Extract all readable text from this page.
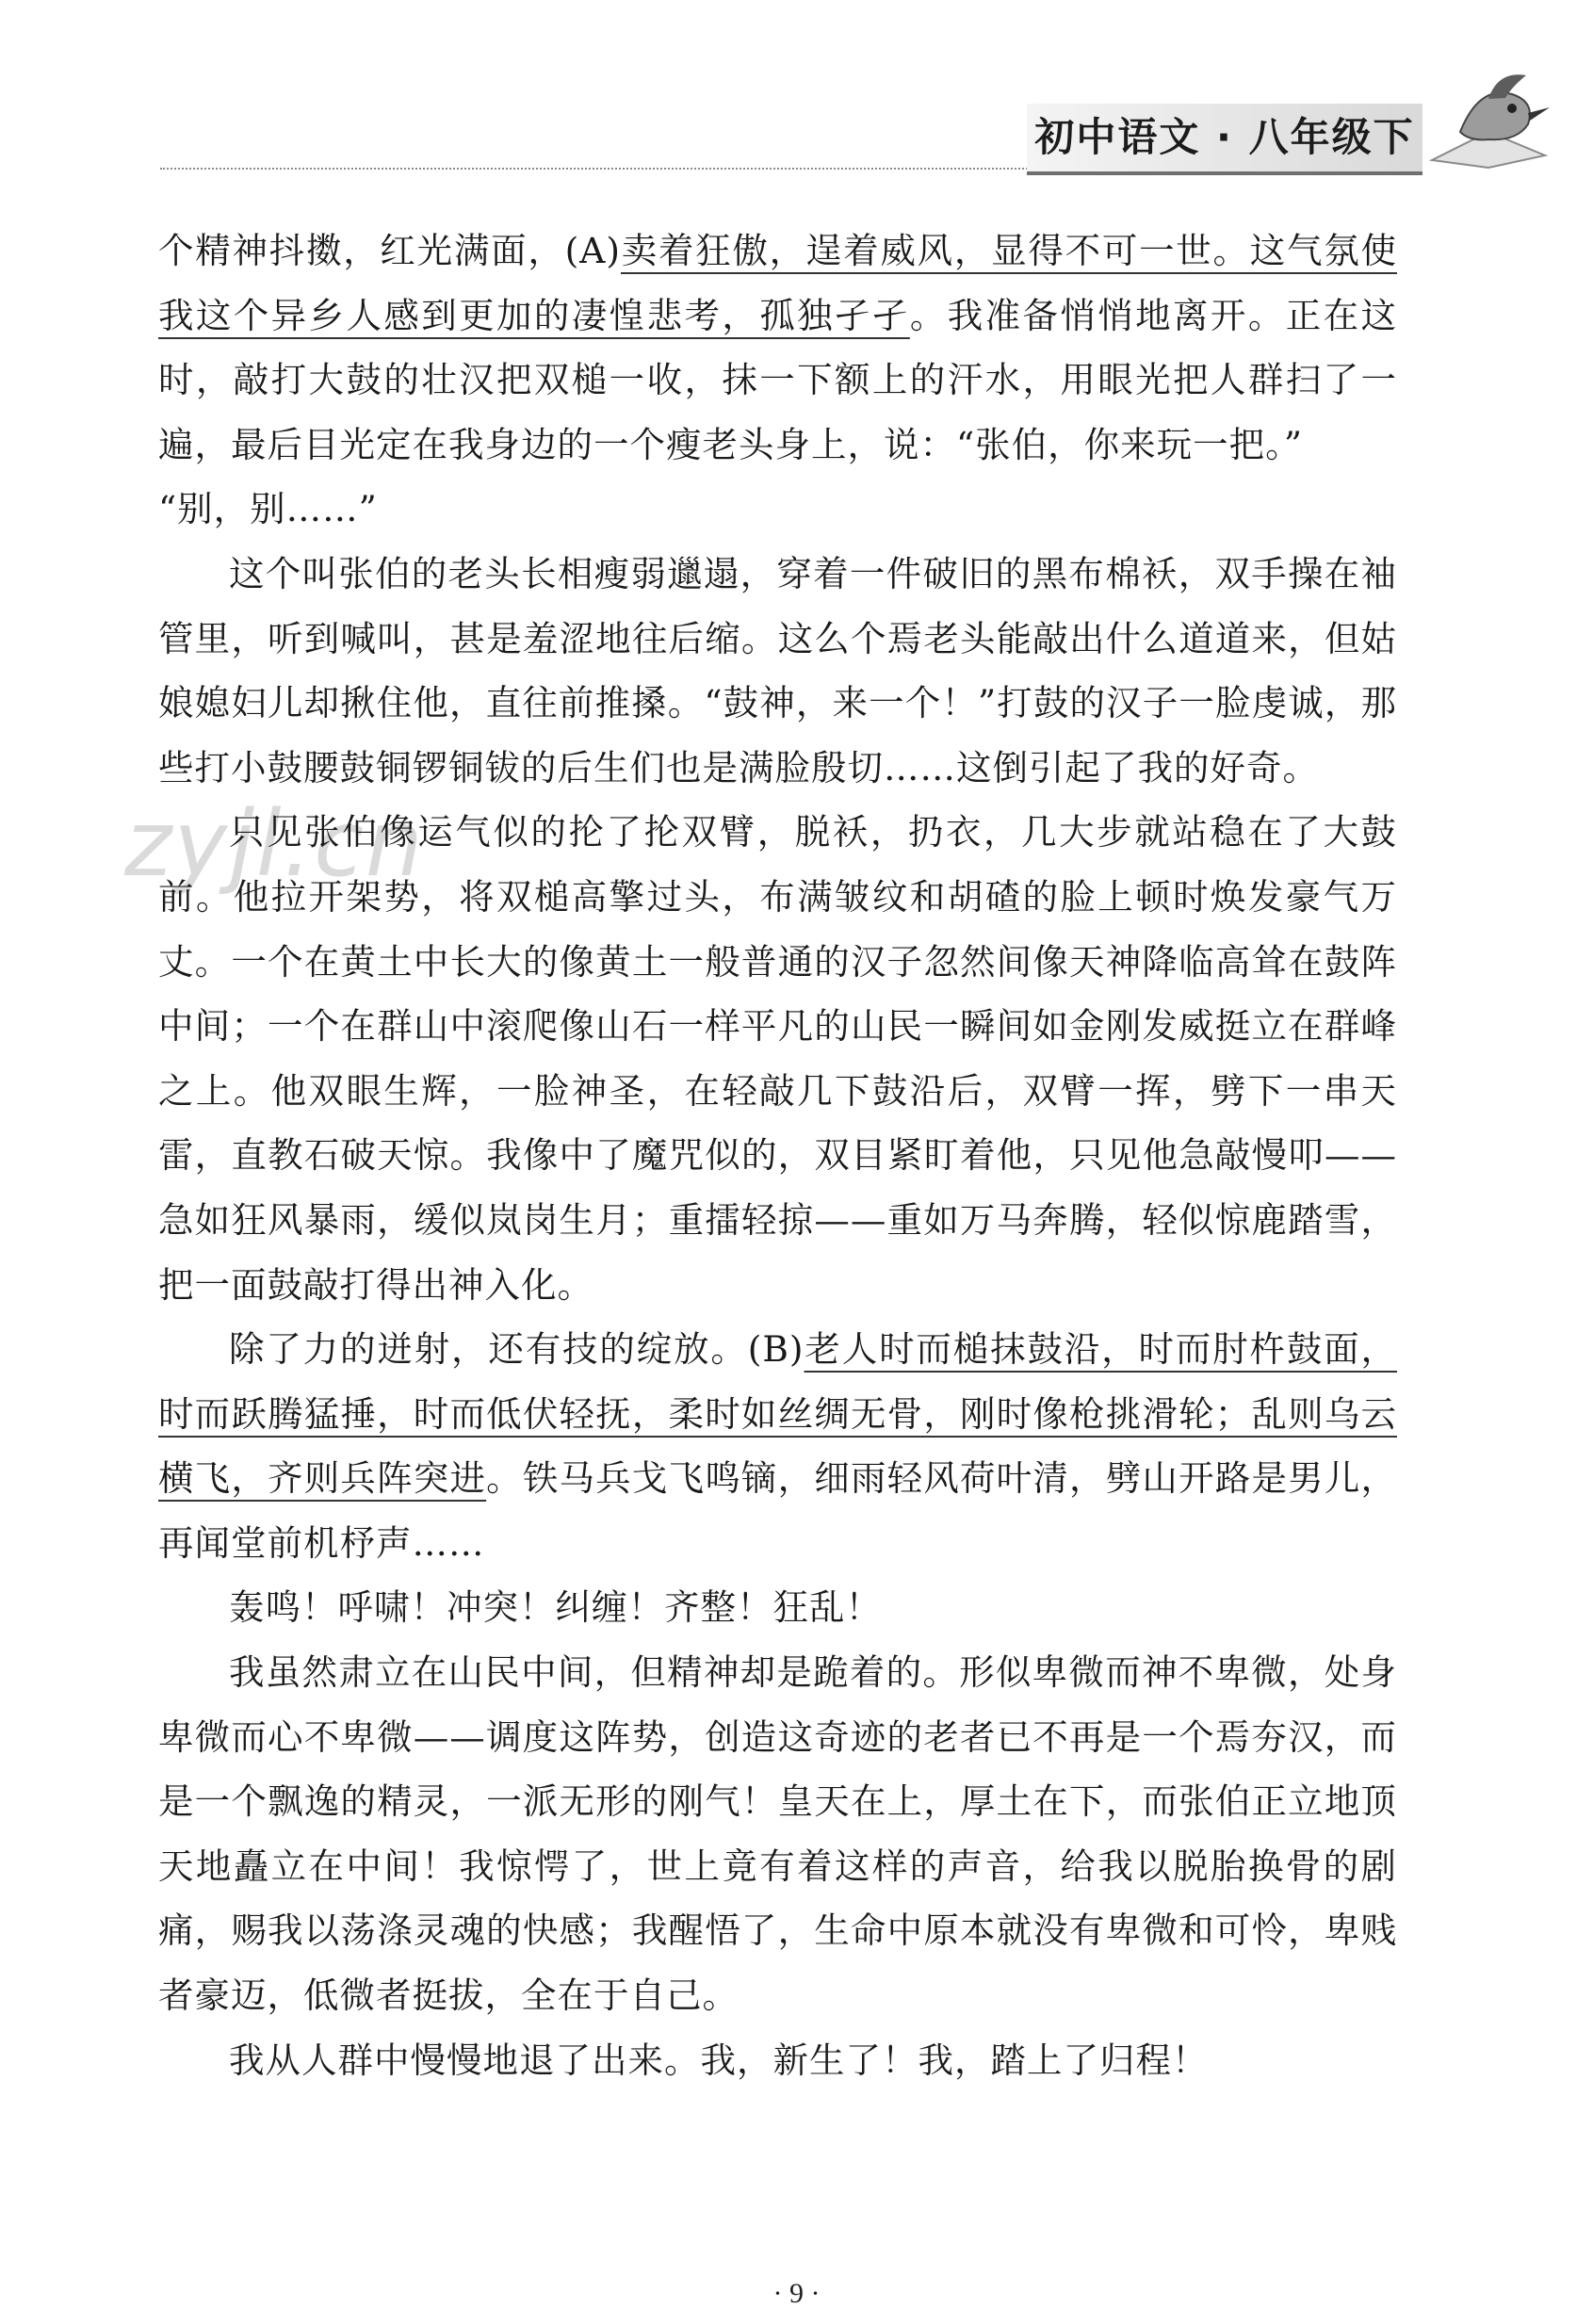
初中语文 · 八年级下
zyjl.cn

个精神抖擞，红光满面，(A)卖着狂傲，逞着威风，显得不可一世。这气氛使我这个异乡人感到更加的凄惶悲考，孤独孑孑。我准备悄悄地离开。正在这时，敲打大鼓的壮汉把双槌一收，抹一下额上的汗水，用眼光把人群扫了一遍，最后目光定在我身边的一个瘦老头身上，说：“张伯，你来玩一把。”

“别，别……”

这个叫张伯的老头长相瘦弱邋遢，穿着一件破旧的黑布棉袄，双手操在袖管里，听到喊叫，甚是羞涩地往后缩。这么个焉老头能敲出什么道道来，但姑娘媳妇儿却揪住他，直往前推搡。“鼓神，来一个！”打鼓的汉子一脸虔诚，那些打小鼓腰鼓铜锣铜钹的后生们也是满脸殷切……这倒引起了我的好奇。

只见张伯像运气似的抡了抡双臂，脱袄，扔衣，几大步就站稳在了大鼓前。他拉开架势，将双槌高擎过头，布满皱纹和胡碴的脸上顿时焕发豪气万丈。一个在黄土中长大的像黄土一般普通的汉子忽然间像天神降临高耸在鼓阵中间；一个在群山中滚爬像山石一样平凡的山民一瞬间如金刚发威挺立在群峰之上。他双眼生辉，一脸神圣，在轻敲几下鼓沿后，双臂一挥，劈下一串天雷，直教石破天惊。我像中了魔咒似的，双目紧盯着他，只见他急敲慢叩——急如狂风暴雨，缓似岚岗生月；重擂轻掠——重如万马奔腾，轻似惊鹿踏雪，把一面鼓敲打得出神入化。

除了力的迸射，还有技的绽放。(B)老人时而槌抹鼓沿，时而肘杵鼓面，时而跃腾猛捶，时而低伏轻抚，柔时如丝绸无骨，刚时像枪挑滑轮；乱则乌云横飞，齐则兵阵突进。铁马兵戈飞鸣镝，细雨轻风荷叶清，劈山开路是男儿，再闻堂前机杼声……

轰鸣！呼啸！冲突！纠缠！齐整！狂乱！

我虽然肃立在山民中间，但精神却是跪着的。形似卑微而神不卑微，处身卑微而心不卑微——调度这阵势，创造这奇迹的老者已不再是一个焉夯汉，而是一个飘逸的精灵，一派无形的刚气！皇天在上，厚土在下，而张伯正立地顶天地矗立在中间！我惊愕了，世上竟有着这样的声音，给我以脱胎换骨的剧痛，赐我以荡涤灵魂的快感；我醒悟了，生命中原本就没有卑微和可怜，卑贱者豪迈，低微者挺拔，全在于自己。

我从人群中慢慢地退了出来。我，新生了！我，踏上了归程！

· 9 ·
